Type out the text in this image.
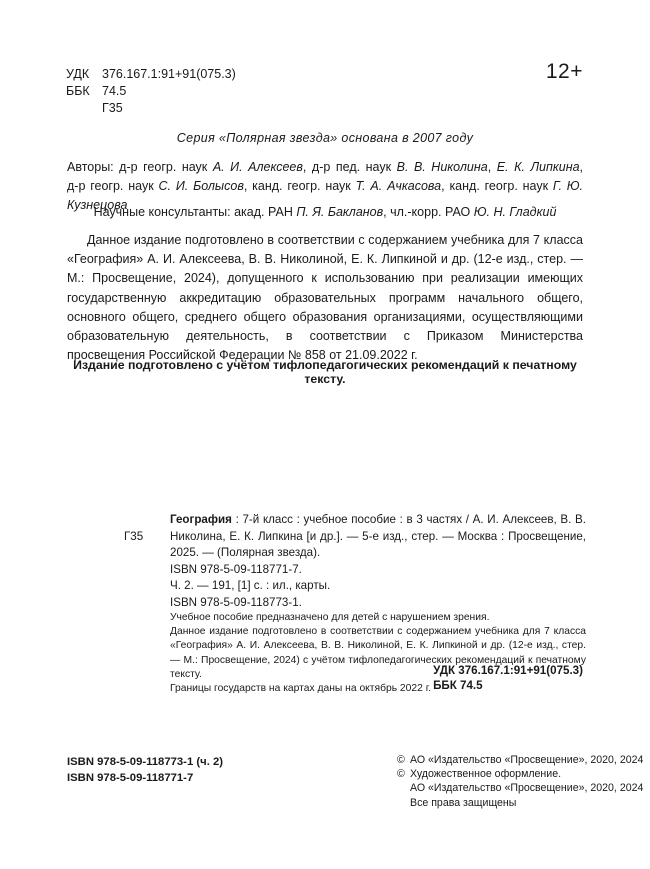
УДК	376.167.1:91+91(075.3)
ББК 74.5
Г35
12+
Серия «Полярная звезда» основана в 2007 году
Авторы: д-р геогр. наук А. И. Алексеев, д-р пед. наук В. В. Николина, Е. К. Липкина,
д-р геогр. наук С. И. Болысов, канд. геогр. наук Т. А. Ачкасова, канд. геогр. наук Г. Ю. Кузнецова
Научные консультанты: акад. РАН П. Я. Бакланов, чл.-корр. РАО Ю. Н. Гладкий
Данное издание подготовлено в соответствии с содержанием учебника для 7 класса «География» А. И. Алексеева, В. В. Николиной, Е. К. Липкиной и др. (12-е изд., стер. — М.: Просвещение, 2024), допущенного к использованию при реализации имеющих государственную аккредитацию образовательных программ начального общего, основного общего, среднего общего образования организациями, осуществляющими образовательную деятельность, в соответствии с Приказом Министерства просвещения Российской Федерации № 858 от 21.09.2022 г.
Издание подготовлено с учётом тифлопедагогических рекомендаций к печатному тексту.
Г35
География : 7-й класс : учебное пособие : в 3 частях / А. И. Алексеев, В. В. Николина, Е. К. Липкина [и др.]. — 5-е изд., стер. — Москва : Просвещение, 2025. — (Полярная звезда).
ISBN 978-5-09-118771-7.
Ч. 2. — 191, [1] с. : ил., карты.
ISBN 978-5-09-118773-1.
Учебное пособие предназначено для детей с нарушением зрения.
Данное издание подготовлено в соответствии с содержанием учебника для 7 класса «География» А. И. Алексеева, В. В. Николиной, Е. К. Липкиной и др. (12-е изд., стер. — М.: Просвещение, 2024) с учётом тифлопедагогических рекомендаций к печатному тексту.
Границы государств на картах даны на октябрь 2022 г.
УДК 376.167.1:91+91(075.3)
ББК 74.5
ISBN 978-5-09-118773-1 (ч. 2)
ISBN 978-5-09-118771-7
© АО «Издательство «Просвещение», 2020, 2024
© Художественное оформление.
АО «Издательство «Просвещение», 2020, 2024
Все права защищены
